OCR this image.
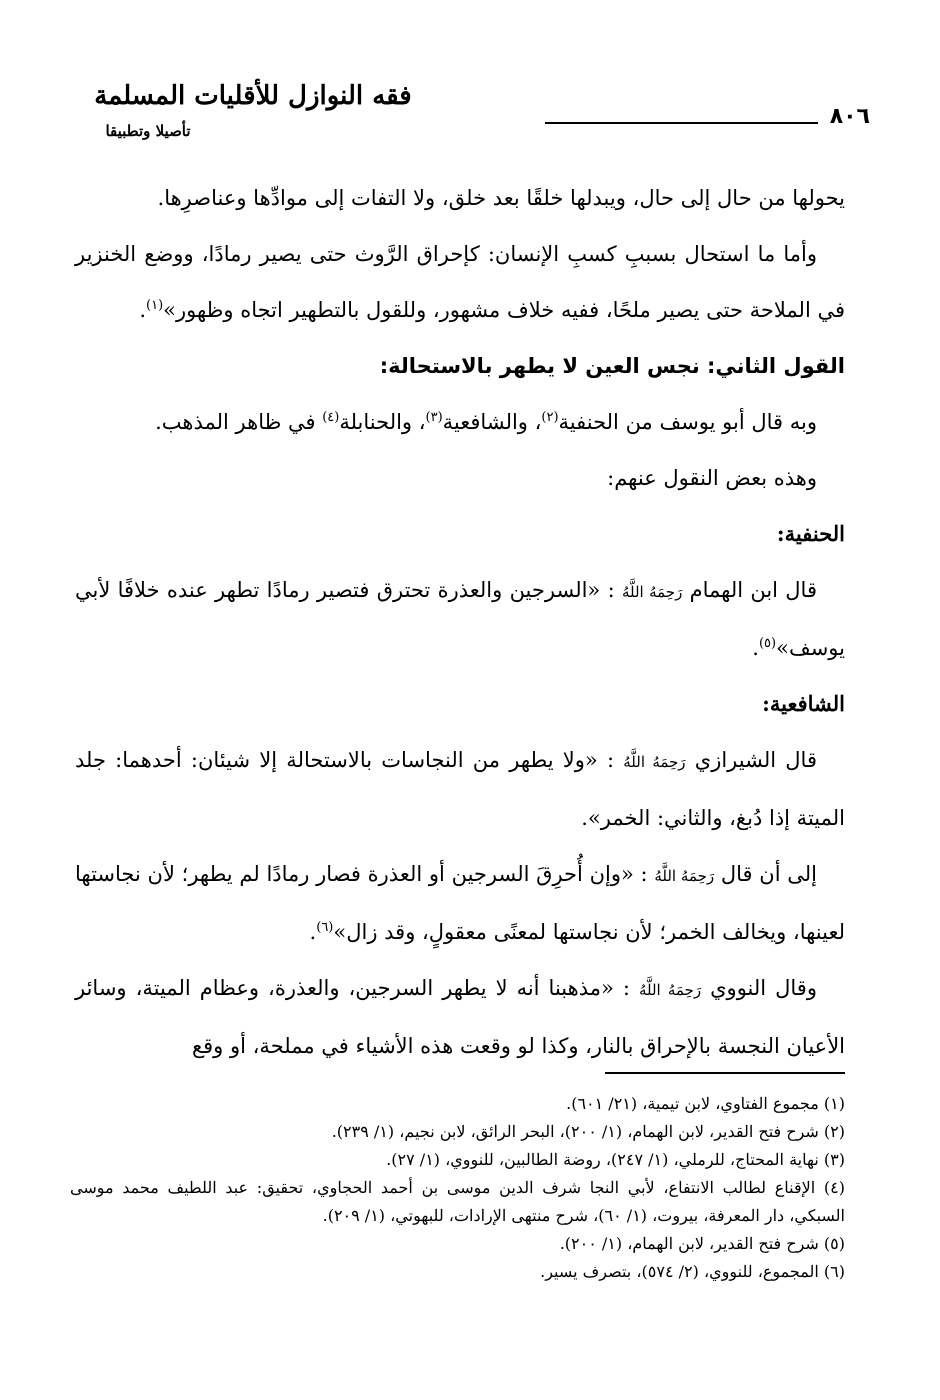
٨٠٦
فقه النوازل للأقليات المسلمة
تأصيلا وتطبيقا

يحولها من حال إلى حال، ويبدلها خلقًا بعد خلق، ولا التفات إلى موادِّها وعناصرِها.

وأما ما استحال بسببِ كسبِ الإنسان: كإحراق الرَّوث حتى يصير رمادًا، ووضع الخنزير في الملاحة حتى يصير ملحًا، ففيه خلاف مشهور، وللقول بالتطهير اتجاه وظهور»$^{(١)}$.

القول الثاني: نجس العين لا يطهر بالاستحالة:

وبه قال أبو يوسف من الحنفية$^{(٢)}$، والشافعية$^{(٣)}$، والحنابلة$^{(٤)}$ في ظاهر المذهب.

وهذه بعض النقول عنهم:

الحنفية:

قال ابن الهمام رَحِمَهُ اللَّهُ : «السرجين والعذرة تحترق فتصير رمادًا تطهر عنده خلافًا لأبي يوسف»$^{(٥)}$.

الشافعية:

قال الشيرازي رَحِمَهُ اللَّهُ : «ولا يطهر من النجاسات بالاستحالة إلا شيئان: أحدهما: جلد الميتة إذا دُبغ، والثاني: الخمر».

إلى أن قال رَحِمَهُ اللَّهُ : «وإن أُحرِقَ السرجين أو العذرة فصار رمادًا لم يطهر؛ لأن نجاستها لعينها، ويخالف الخمر؛ لأن نجاستها لمعنًى معقولٍ، وقد زال»$^{(٦)}$.

وقال النووي رَحِمَهُ اللَّهُ : «مذهبنا أنه لا يطهر السرجين، والعذرة، وعظام الميتة، وسائر الأعيان النجسة بالإحراق بالنار، وكذا لو وقعت هذه الأشياء في مملحة، أو وقع

(١) مجموع الفتاوي، لابن تيمية، (٢١/ ٦٠١).

(٢) شرح فتح القدير، لابن الهمام، (١/ ٢٠٠)، البحر الرائق، لابن نجيم، (١/ ٢٣٩).

(٣) نهاية المحتاج، للرملي، (١/ ٢٤٧)، روضة الطالبين، للنووي، (١/ ٢٧).

(٤) الإقناع لطالب الانتفاع، لأبي النجا شرف الدين موسى بن أحمد الحجاوي، تحقيق: عبد اللطيف محمد موسى السبكي، دار المعرفة، بيروت، (١/ ٦٠)، شرح منتهى الإرادات، للبهوتي، (١/ ٢٠٩).

(٥) شرح فتح القدير، لابن الهمام، (١/ ٢٠٠).

(٦) المجموع، للنووي، (٢/ ٥٧٤)، بتصرف يسير.
